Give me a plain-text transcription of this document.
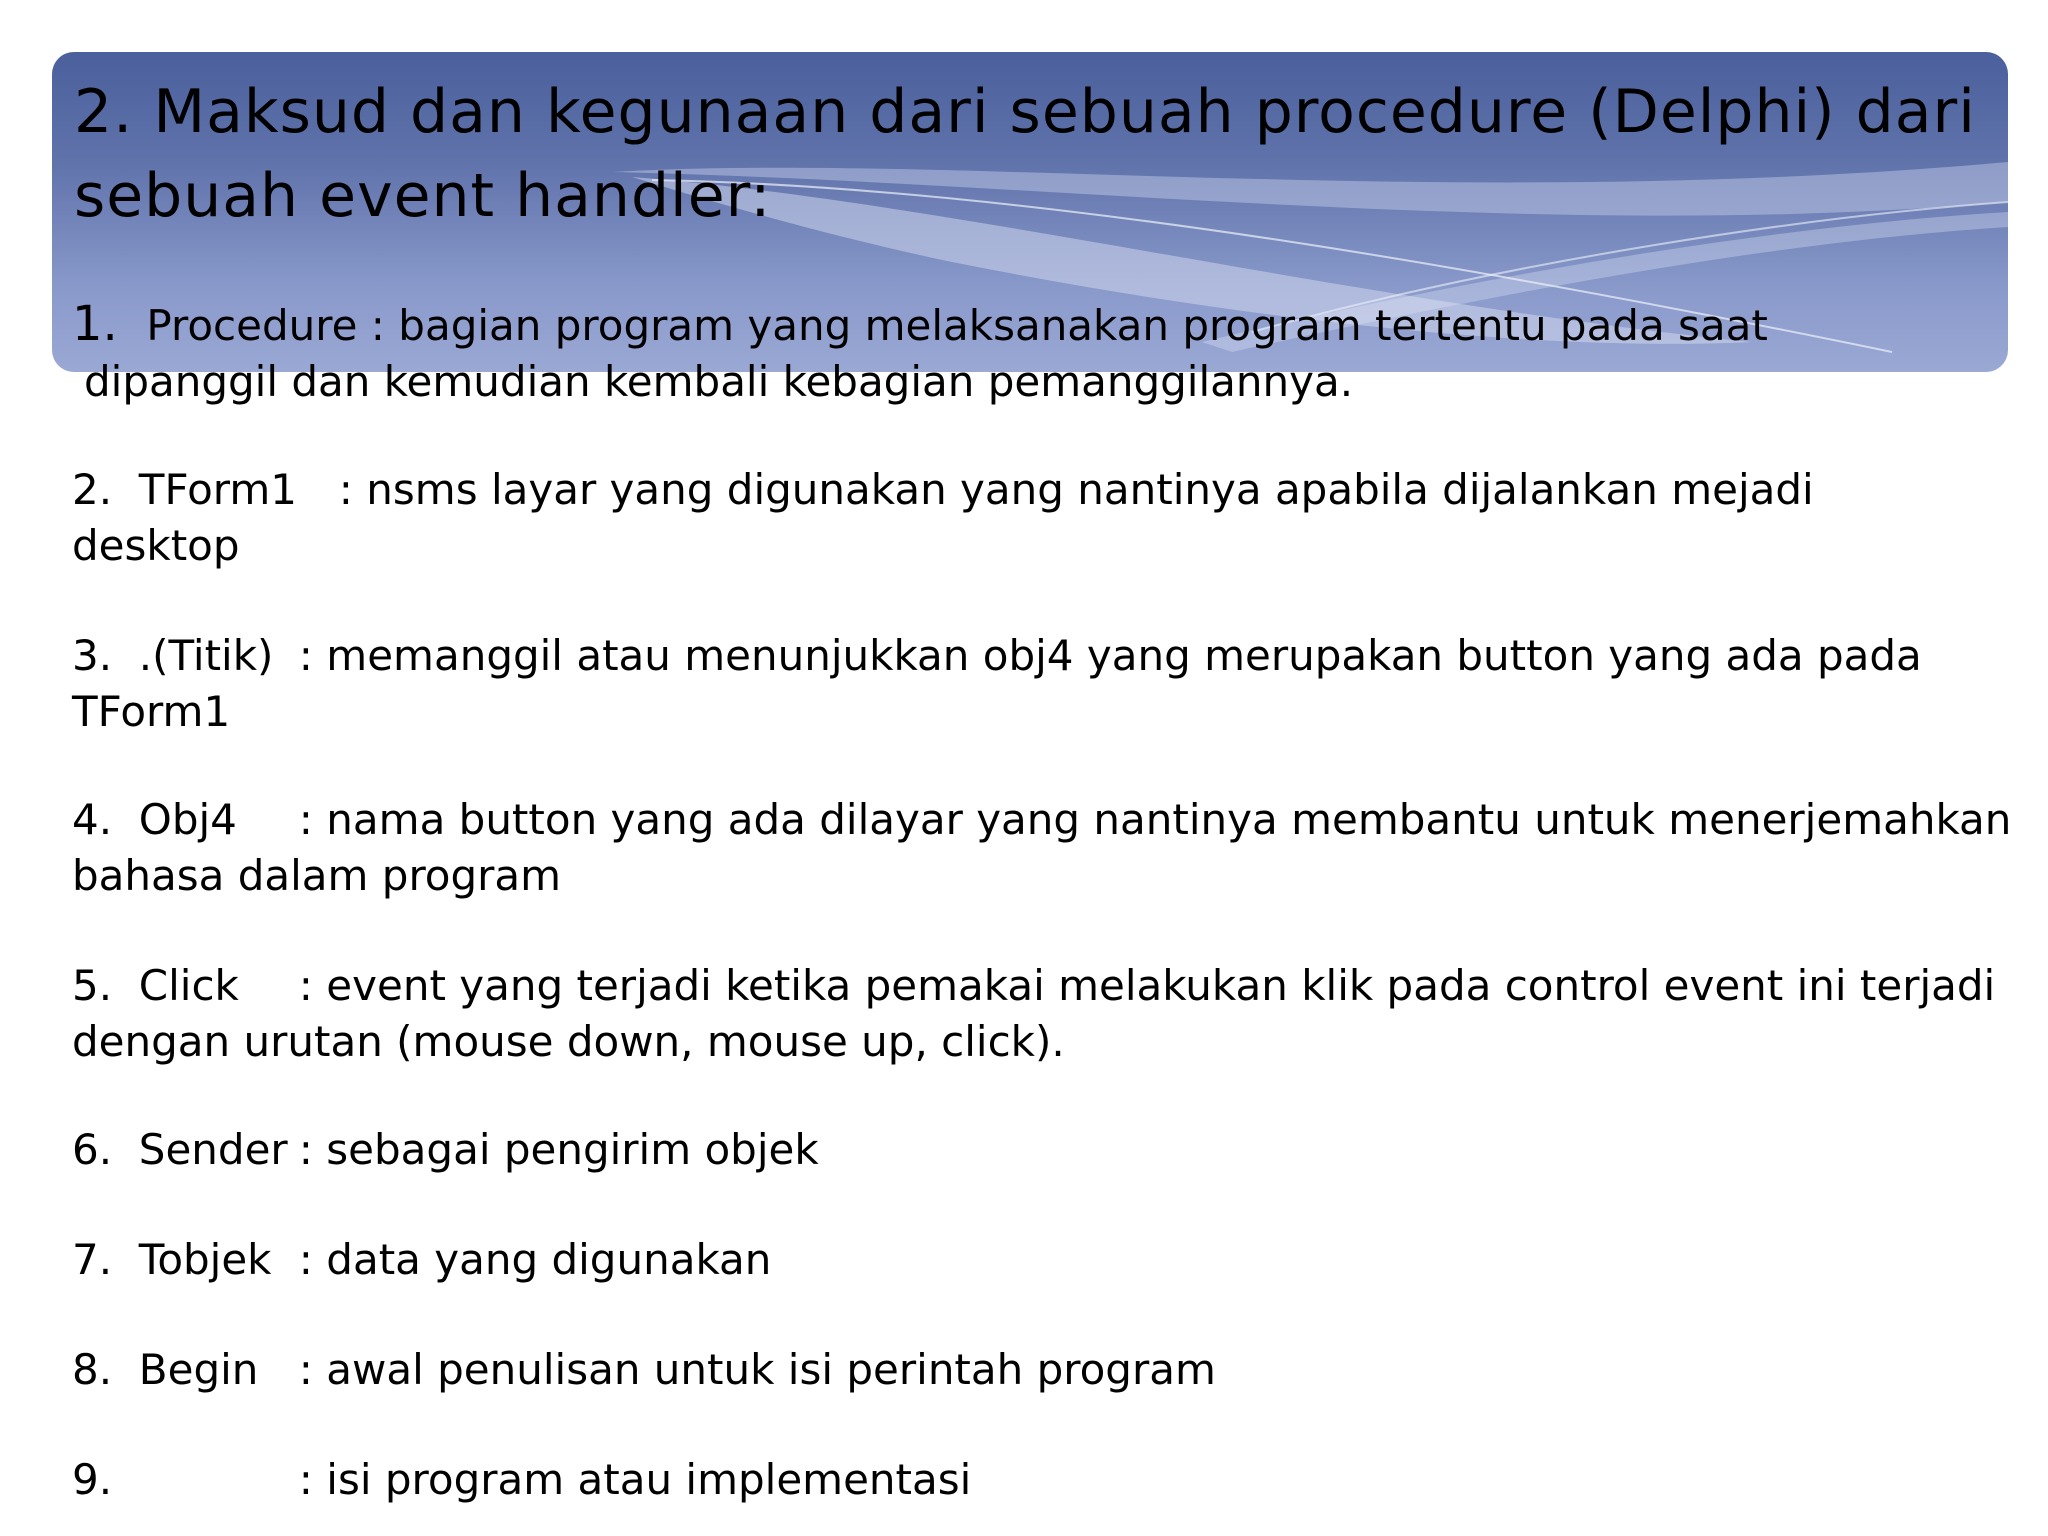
2. Maksud dan kegunaan dari sebuah procedure (Delphi) dari sebuah event handler:
1.  Procedure : bagian program yang melaksanakan program tertentu pada saat
dipanggil dan kemudian kembali kebagian pemanggilannya.
2.  TForm1 : nsms layar yang digunakan yang nantinya apabila dijalankan mejadi
desktop
3.  .(Titik) : memanggil atau menunjukkan obj4 yang merupakan button yang ada pada
TForm1
4.  Obj4 : nama button yang ada dilayar yang nantinya membantu untuk menerjemahkan
bahasa dalam program
5.  Click : event yang terjadi ketika pemakai melakukan klik pada control event ini terjadi
dengan urutan (mouse down, mouse up, click).
6.  Sender : sebagai pengirim objek
7.  Tobjek : data yang digunakan
8.  Begin : awal penulisan untuk isi perintah program
9.	: isi program atau implementasi
